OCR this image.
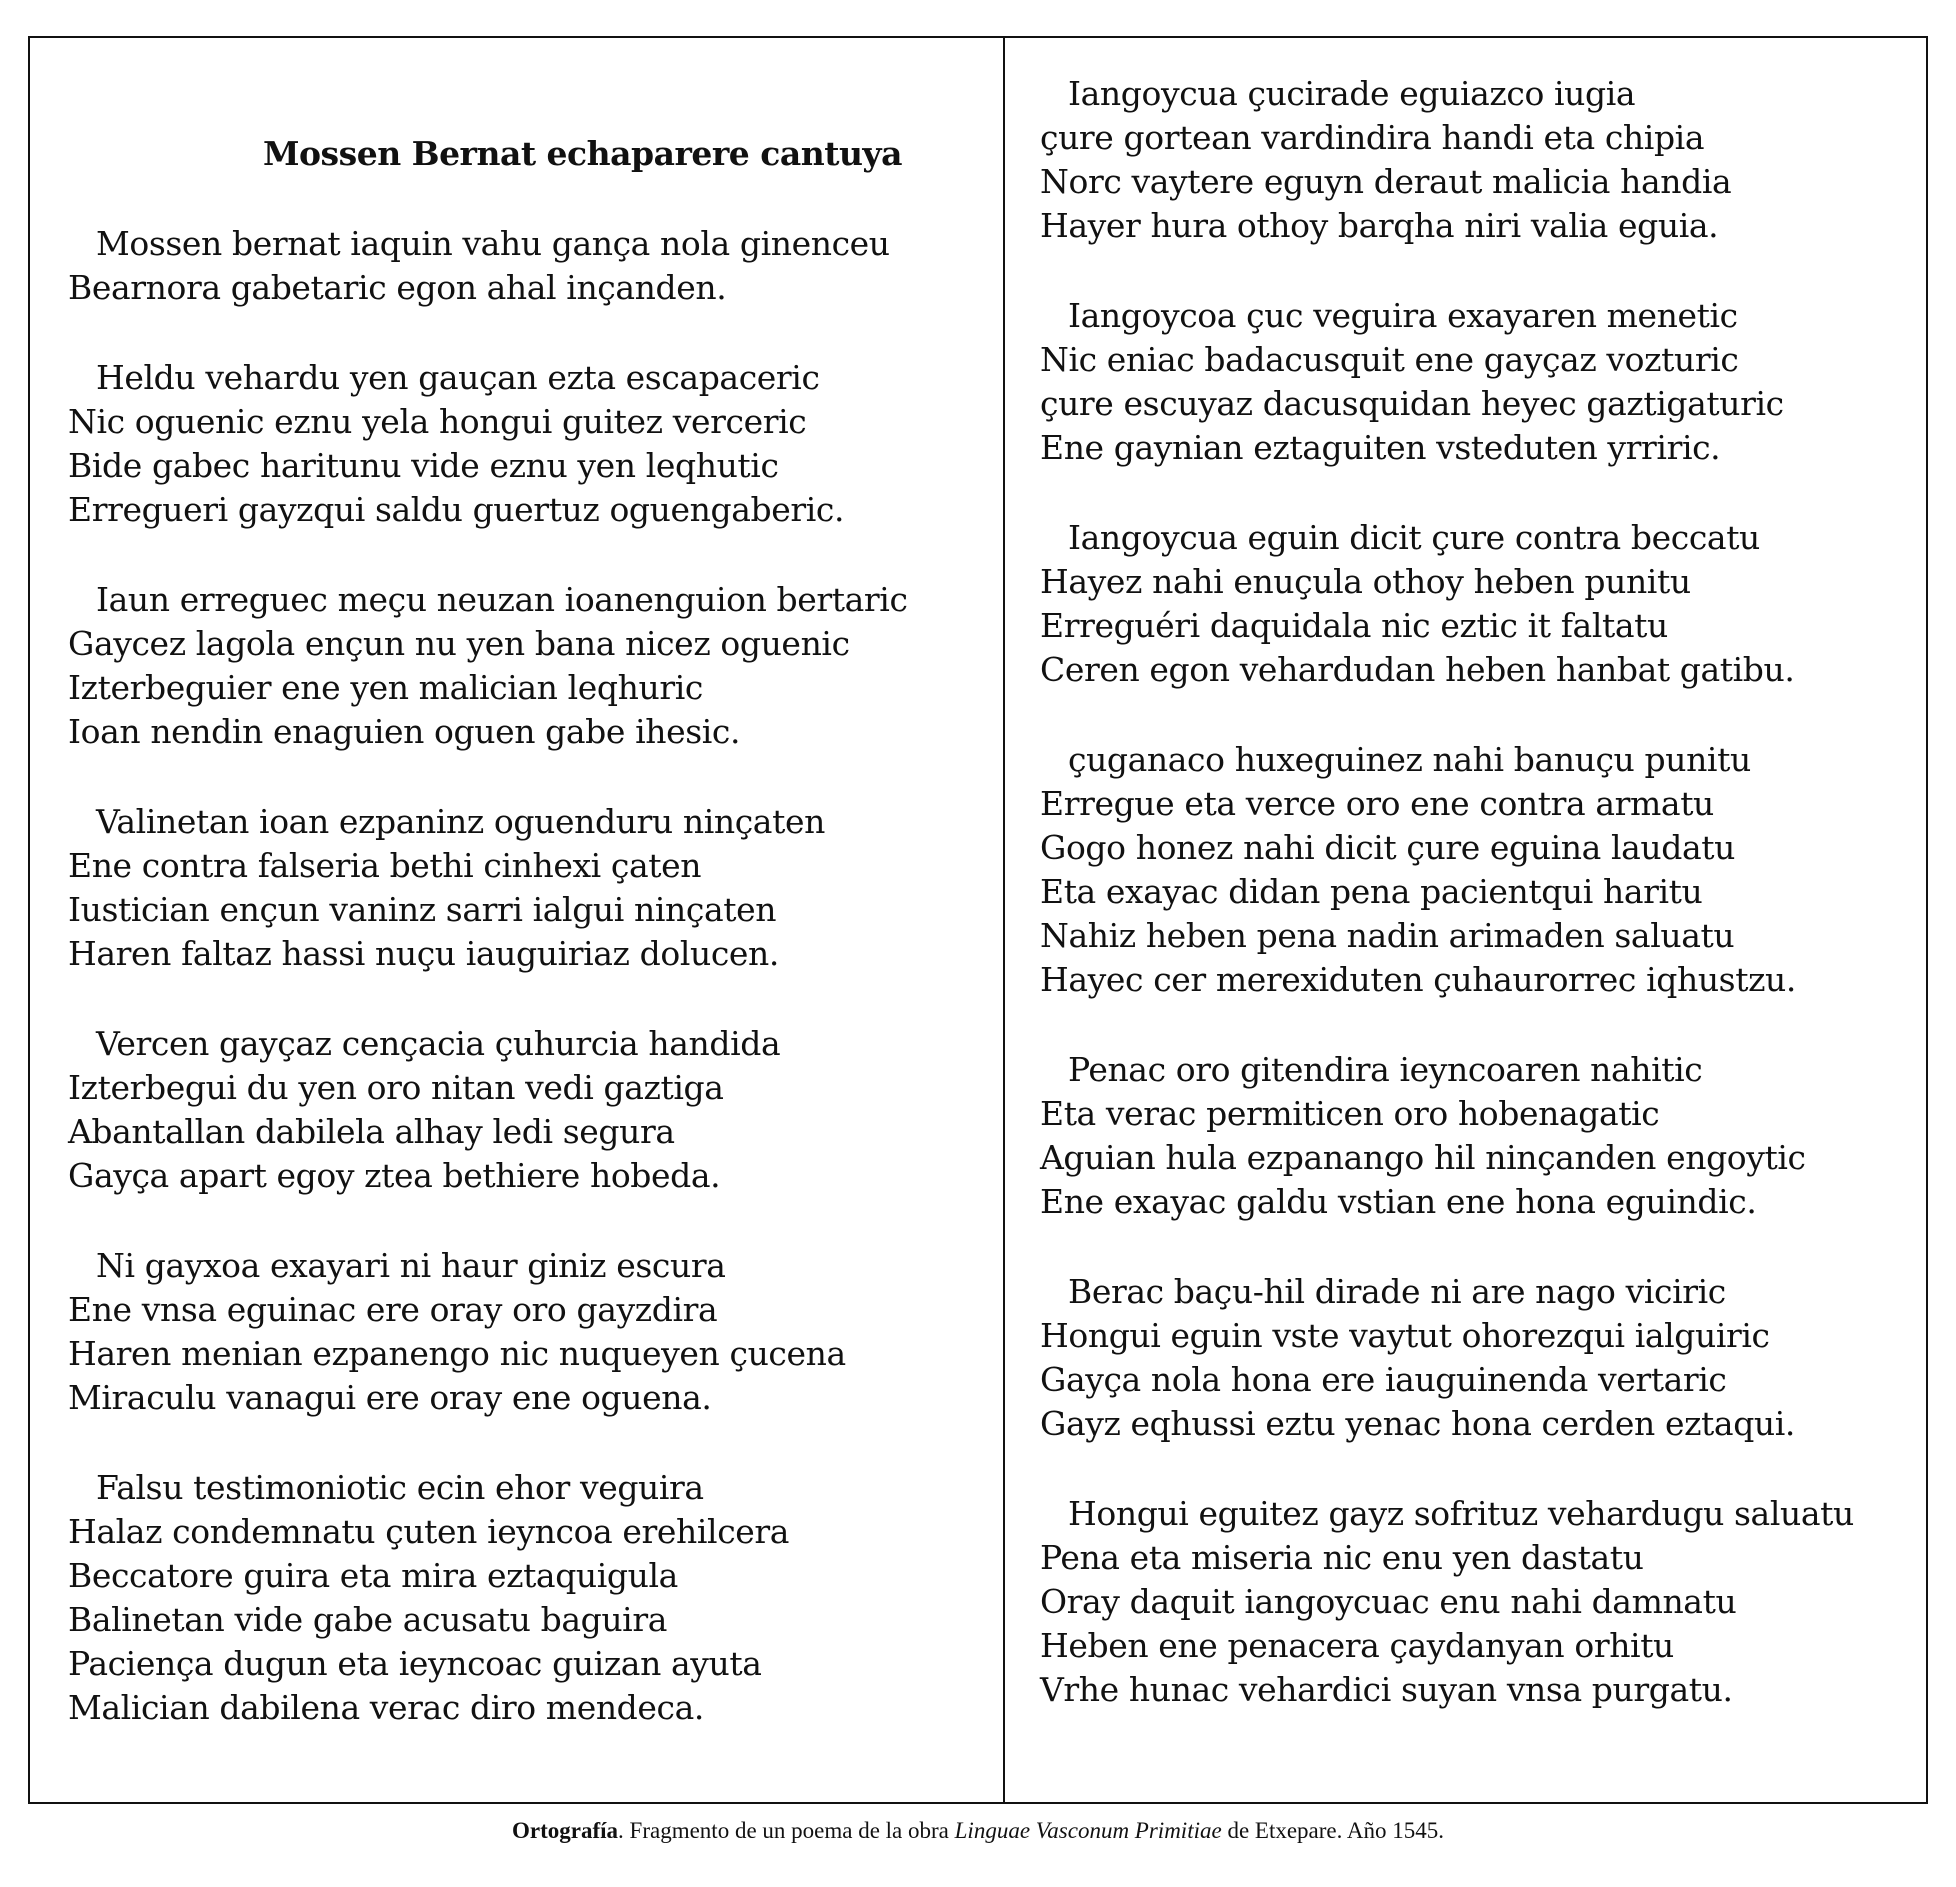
Mossen Bernat echaparere cantuya
Mossen bernat iaquin vahu gança nola ginenceu
Bearnora gabetaric egon ahal inçanden.
Heldu vehardu yen gauçan ezta escapaceric
Nic oguenic eznu yela hongui guitez verceric
Bide gabec haritunu vide eznu yen leqhutic
Erregueri gayzqui saldu guertuz oguengaberic.
Iaun erreguec meçu neuzan ioanenguion bertaric
Gaycez lagola ençun nu yen bana nicez oguenic
Izterbeguier ene yen malician leqhuric
Ioan nendin enaguien oguen gabe ihesic.
Valinetan ioan ezpaninz oguenduru ninçaten
Ene contra falseria bethi cinhexi çaten
Iustician ençun vaninz sarri ialgui ninçaten
Haren faltaz hassi nuçu iauguiriaz dolucen.
Vercen gayçaz cençacia çuhurcia handida
Izterbegui du yen oro nitan vedi gaztiga
Abantallan dabilela alhay ledi segura
Gayça apart egoy ztea bethiere hobeda.
Ni gayxoa exayari ni haur giniz escura
Ene vnsa eguinac ere oray oro gayzdira
Haren menian ezpanengo nic nuqueyen çucena
Miraculu vanagui ere oray ene oguena.
Falsu testimoniotic ecin ehor veguira
Halaz condemnatu çuten ieyncoa erehilcera
Beccatore guira eta mira eztaquigula
Balinetan vide gabe acusatu baguira
Paciença dugun eta ieyncoac guizan ayuta
Malician dabilena verac diro mendeca.
Iangoycua çucirade eguiazco iugia
çure gortean vardindira handi eta chipia
Norc vaytere eguyn deraut malicia handia
Hayer hura othoy barqha niri valia eguia.
Iangoycoa çuc veguira exayaren menetic
Nic eniac badacusquit ene gayçaz vozturic
çure escuyaz dacusquidan heyec gaztigaturic
Ene gaynian eztaguiten vsteduten yrriric.
Iangoycua eguin dicit çure contra beccatu
Hayez nahi enuçula othoy heben punitu
Erreguéri daquidala nic eztic it faltatu
Ceren egon vehardudan heben hanbat gatibu.
çuganaco huxeguinez nahi banuçu punitu
Erregue eta verce oro ene contra armatu
Gogo honez nahi dicit çure eguina laudatu
Eta exayac didan pena pacientqui haritu
Nahiz heben pena nadin arimaden saluatu
Hayec cer merexiduten çuhaurorrec iqhustzu.
Penac oro gitendira ieyncoaren nahitic
Eta verac permiticen oro hobenagatic
Aguian hula ezpanango hil ninçanden engoytic
Ene exayac galdu vstian ene hona eguindic.
Berac baçu-hil dirade ni are nago viciric
Hongui eguin vste vaytut ohorezqui ialguiric
Gayça nola hona ere iauguinenda vertaric
Gayz eqhussi eztu yenac hona cerden eztaqui.
Hongui eguitez gayz sofrituz vehardugu saluatu
Pena eta miseria nic enu yen dastatu
Oray daquit iangoycuac enu nahi damnatu
Heben ene penacera çaydanyan orhitu
Vrhe hunac vehardici suyan vnsa purgatu.
Ortografía. Fragmento de un poema de la obra Linguae Vasconum Primitiae de Etxepare. Año 1545.
